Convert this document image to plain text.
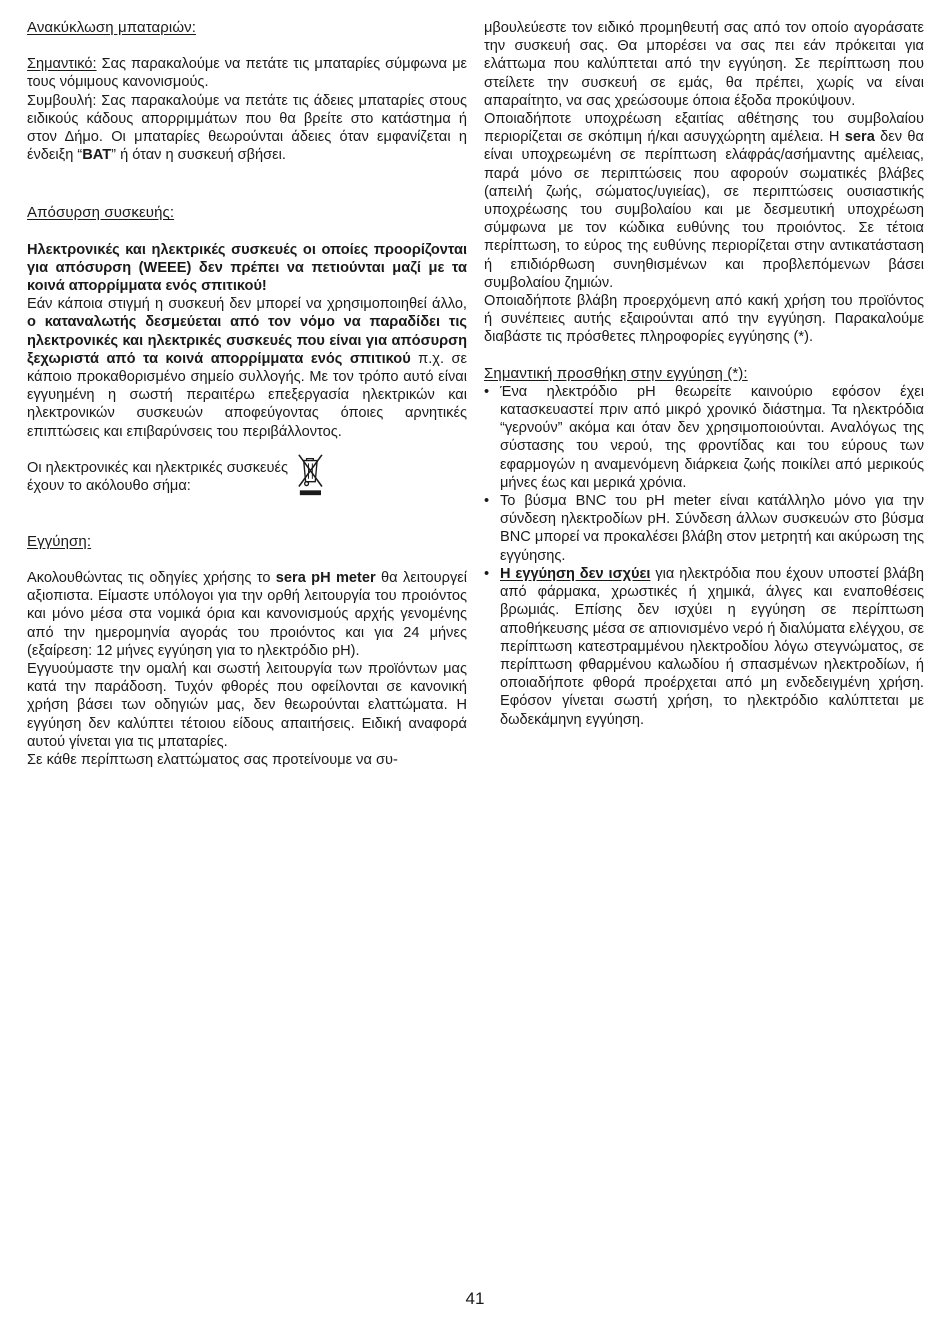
Ανακύκλωση μπαταριών:

Σημαντικό: Σας παρακαλούμε να πετάτε τις μπαταρίες σύμφωνα με τους νόμιμους κανονισμούς.

Συμβουλή: Σας παρακαλούμε να πετάτε τις άδειες μπαταρίες στους ειδικούς κάδους απορριμμάτων που θα βρείτε στο κατάστημα ή στον Δήμο. Οι μπαταρίες θεωρούνται άδειες όταν εμφανίζεται η ένδειξη “BAT” ή όταν η συσκευή σβήσει.

Απόσυρση συσκευής:

Ηλεκτρονικές και ηλεκτρικές συσκευές οι οποίες προορίζονται για απόσυρση (WEEE) δεν πρέπει να πετιούνται μαζί με τα κοινά απορρίμματα ενός σπιτικού!

Εάν κάποια στιγμή η συσκευή δεν μπορεί να χρησιμοποιηθεί άλλο, ο καταναλωτής δεσμεύεται από τον νόμο να παραδίδει τις ηλεκτρονικές και ηλεκτρικές συσκευές που είναι για απόσυρση ξεχωριστά από τα κοινά απορρίμματα ενός σπιτικού π.χ. σε κάποιο προκαθορισμένο σημείο συλλογής. Με τον τρόπο αυτό είναι εγγυημένη η σωστή περαιτέρω επεξεργασία ηλεκτρικών και ηλεκτρονικών συσκευών αποφεύγοντας όποιες αρνητικές επιπτώσεις και επιβαρύνσεις του περιβάλλοντος.

Οι ηλεκτρονικές και ηλεκτρικές συσκευές έχουν το ακόλουθο σήμα:

Εγγύηση:

Ακολουθώντας τις οδηγίες χρήσης το sera pH meter θα λειτουργεί αξιοπιστα. Είμαστε υπόλογοι για την ορθή λειτουργία του προιόντος και μόνο μέσα στα νομικά όρια και κανονισμούς αρχής γενομένης από την ημερομηνία αγοράς του προιόντος και για 24 μήνες (εξαίρεση: 12 μήνες εγγύηση για το ηλεκτρόδιο pH).

Εγγυούμαστε την ομαλή και σωστή λειτουργία των προϊόντων μας κατά την παράδοση. Τυχόν φθορές που οφείλονται σε κανονική χρήση βάσει των οδηγιών μας, δεν θεωρούνται ελαττώματα. Η εγγύηση δεν καλύπτει τέτοιου είδους απαιτήσεις. Ειδική αναφορά αυτού γίνεται για τις μπαταρίες.

Σε κάθε περίπτωση ελαττώματος σας προτείνουμε να συ-

μβουλεύεστε τον ειδικό προμηθευτή σας από τον οποίο αγοράσατε την συσκευή σας. Θα μπορέσει να σας πει εάν πρόκειται για ελάττωμα που καλύπτεται από την εγγύηση. Σε περίπτωση που στείλετε την συσκευή σε εμάς, θα πρέπει, χωρίς να είναι απαραίτητο, να σας χρεώσουμε όποια έξοδα προκύψουν.

Οποιαδήποτε υποχρέωση εξαιτίας αθέτησης του συμβολαίου περιορίζεται σε σκόπιμη ή/και ασυγχώρητη αμέλεια. Η sera δεν θα είναι υποχρεωμένη σε περίπτωση ελάφράς/ασήμαντης αμέλειας, παρά μόνο σε περιπτώσεις που αφορούν σωματικές βλάβες (απειλή ζωής, σώματος/υγιείας), σε περιπτώσεις ουσιαστικής υποχρέωσης του συμβολαίου και με δεσμευτική υποχρέωση σύμφωνα με τον κώδικα ευθύνης του προιόντος. Σε τέτοια περίπτωση, το εύρος της ευθύνης περιορίζεται στην αντικατάσταση ή επιδιόρθωση συνηθισμένων και προβλεπόμενων βάσει συμβολαίου ζημιών.

Οποιαδήποτε βλάβη προερχόμενη από κακή χρήση του προϊόντος ή συνέπειες αυτής εξαιρούνται από την εγγύηση. Παρακαλούμε διαβάστε τις πρόσθετες πληροφορίες εγγύησης (*).

Σημαντική προσθήκη στην εγγύηση (*):
• Ένα ηλεκτρόδιο pH θεωρείτε καινούριο εφόσον έχει κατασκευαστεί πριν από μικρό χρονικό διάστημα. Τα ηλεκτρόδια “γερνούν” ακόμα και όταν δεν χρησιμοποιούνται. Αναλόγως της σύστασης του νερού, της φροντίδας και του εύρους των εφαρμογών η αναμενόμενη διάρκεια ζωής ποικίλει από μερικούς μήνες έως και μερικά χρόνια.
• Το βύσμα BNC του pH meter είναι κατάλληλο μόνο για την σύνδεση ηλεκτροδίων pH. Σύνδεση άλλων συσκευών στο βύσμα BNC μπορεί να προκαλέσει βλάβη στον μετρητή και ακύρωση της εγγύησης.
• Η εγγύηση δεν ισχύει για ηλεκτρόδια που έχουν υποστεί βλάβη από φάρμακα, χρωστικές ή χημικά, άλγες και εναποθέσεις βρωμιάς. Επίσης δεν ισχύει η εγγύηση σε περίπτωση αποθήκευσης μέσα σε απιονισμένο νερό ή διαλύματα ελέγχου, σε περίπτωση κατεστραμμένου ηλεκτροδίου λόγω στεγνώματος, σε περίπτωση φθαρμένου καλωδίου ή σπασμένων ηλεκτροδίων, ή οποιαδήποτε φθορά προέρχεται από μη ενδεδειγμένη χρήση. Εφόσον γίνεται σωστή χρήση, το ηλεκτρόδιο καλύπτεται με δωδεκάμηνη εγγύηση.
41
